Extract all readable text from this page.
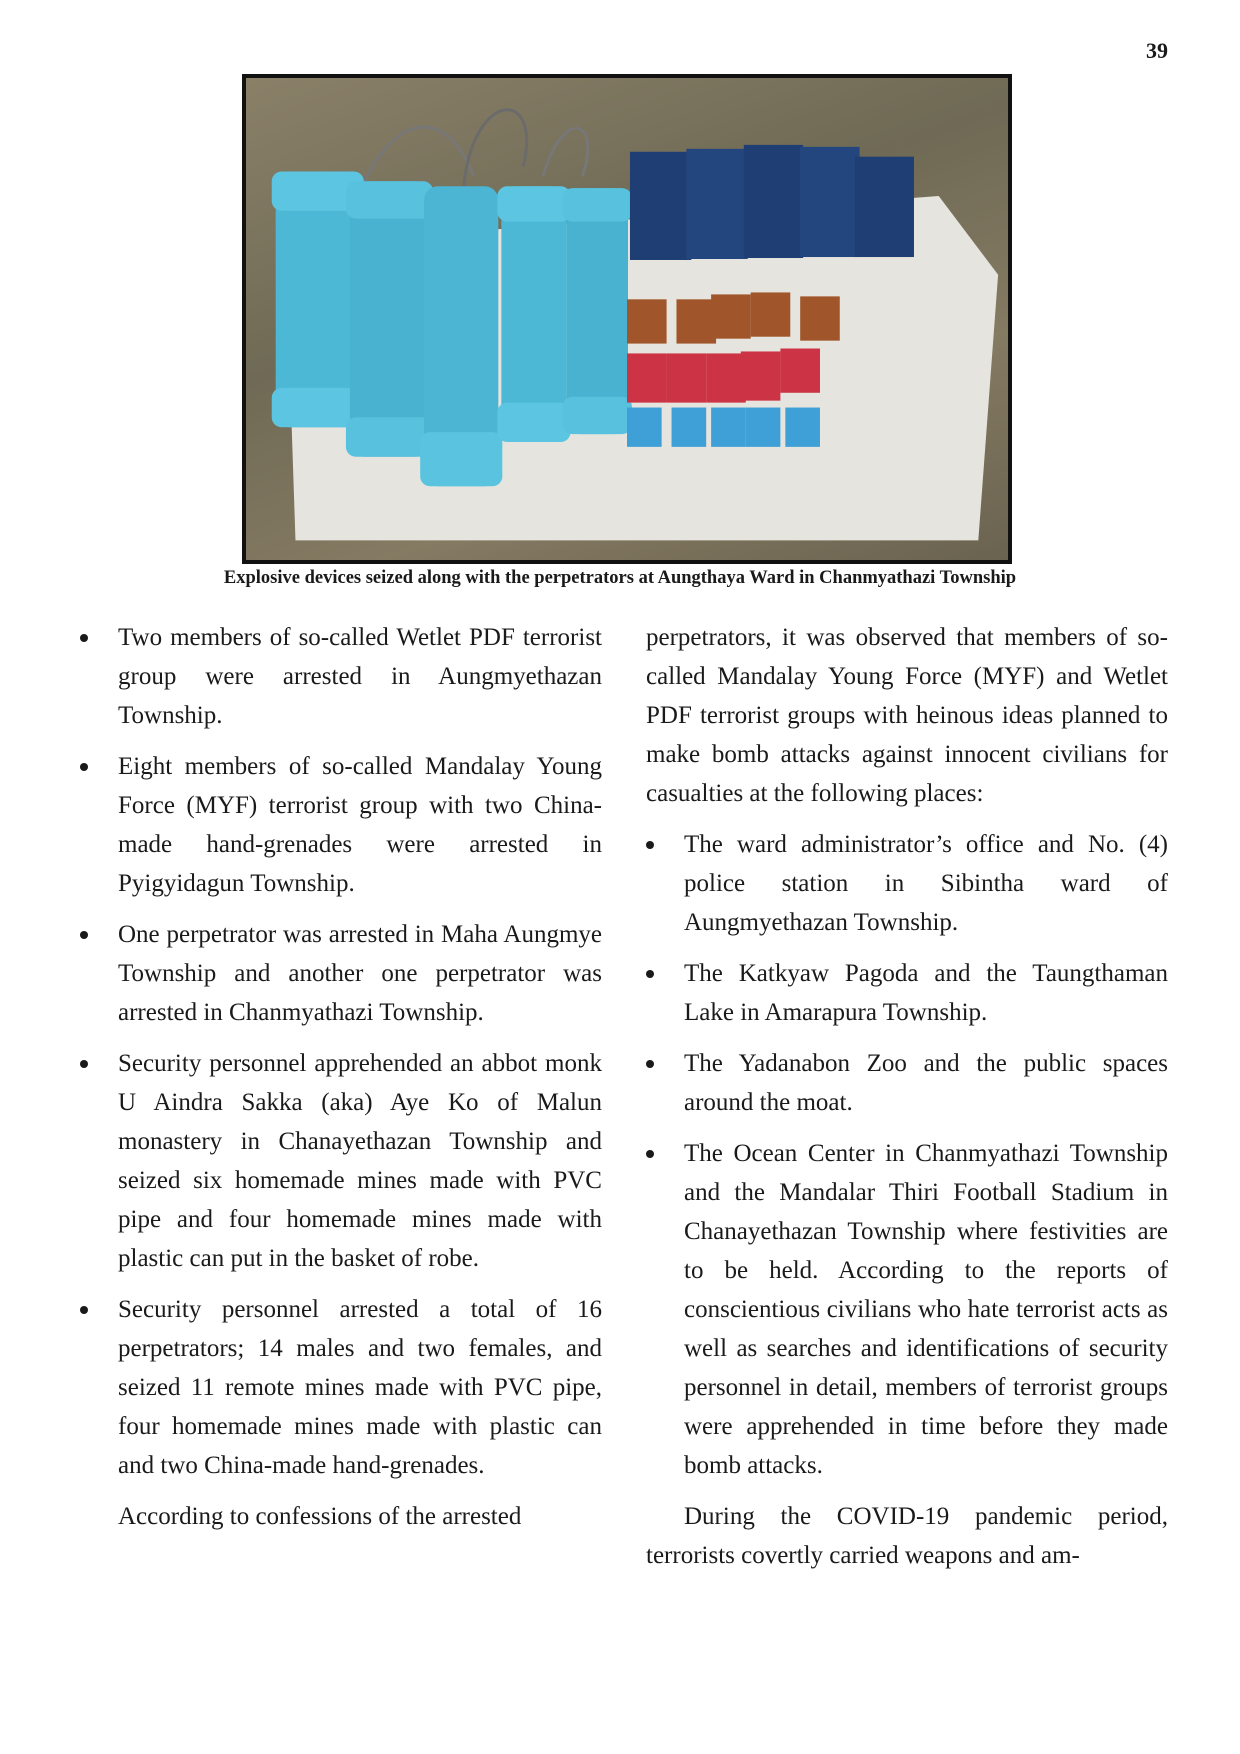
39
Explosive devices seized along with the perpetrators at Aungthaya Ward in Chanmyathazi Township
Two members of so-called Wetlet PDF terrorist group were arrested in Aungmyethazan Township.
Eight members of so-called Mandalay Young Force (MYF) terrorist group with two China-made hand-grenades were arrested in Pyigyidagun Township.
One perpetrator was arrested in Maha Aungmye Township and another one perpetrator was arrested in Chanmyathazi Township.
Security personnel apprehended an abbot monk U Aindra Sakka (aka) Aye Ko of Malun monastery in Chanayethazan Township and seized six homemade mines made with PVC pipe and four homemade mines made with plastic can put in the basket of robe.
Security personnel arrested a total of 16 perpetrators; 14 males and two females, and seized 11 remote mines made with PVC pipe, four homemade mines made with plastic can and two China-made hand-grenades.

According to confessions of the arrested

perpetrators, it was observed that members of so-called Mandalay Young Force (MYF) and Wetlet PDF terrorist groups with heinous ideas planned to make bomb attacks against innocent civilians for casualties at the following places:

The ward administrator’s office and No. (4) police station in Sibintha ward of Aungmyethazan Township.
The Katkyaw Pagoda and the Taungthaman Lake in Amarapura Township.
The Yadanabon Zoo and the public spaces around the moat.
The Ocean Center in Chanmyathazi Township and the Mandalar Thiri Football Stadium in Chanayethazan Township where festivities are to be held. According to the reports of conscientious civilians who hate terrorist acts as well as searches and identifications of security personnel in detail, members of terrorist groups were apprehended in time before they made bomb attacks.

During the COVID-19 pandemic period, terrorists covertly carried weapons and am-
